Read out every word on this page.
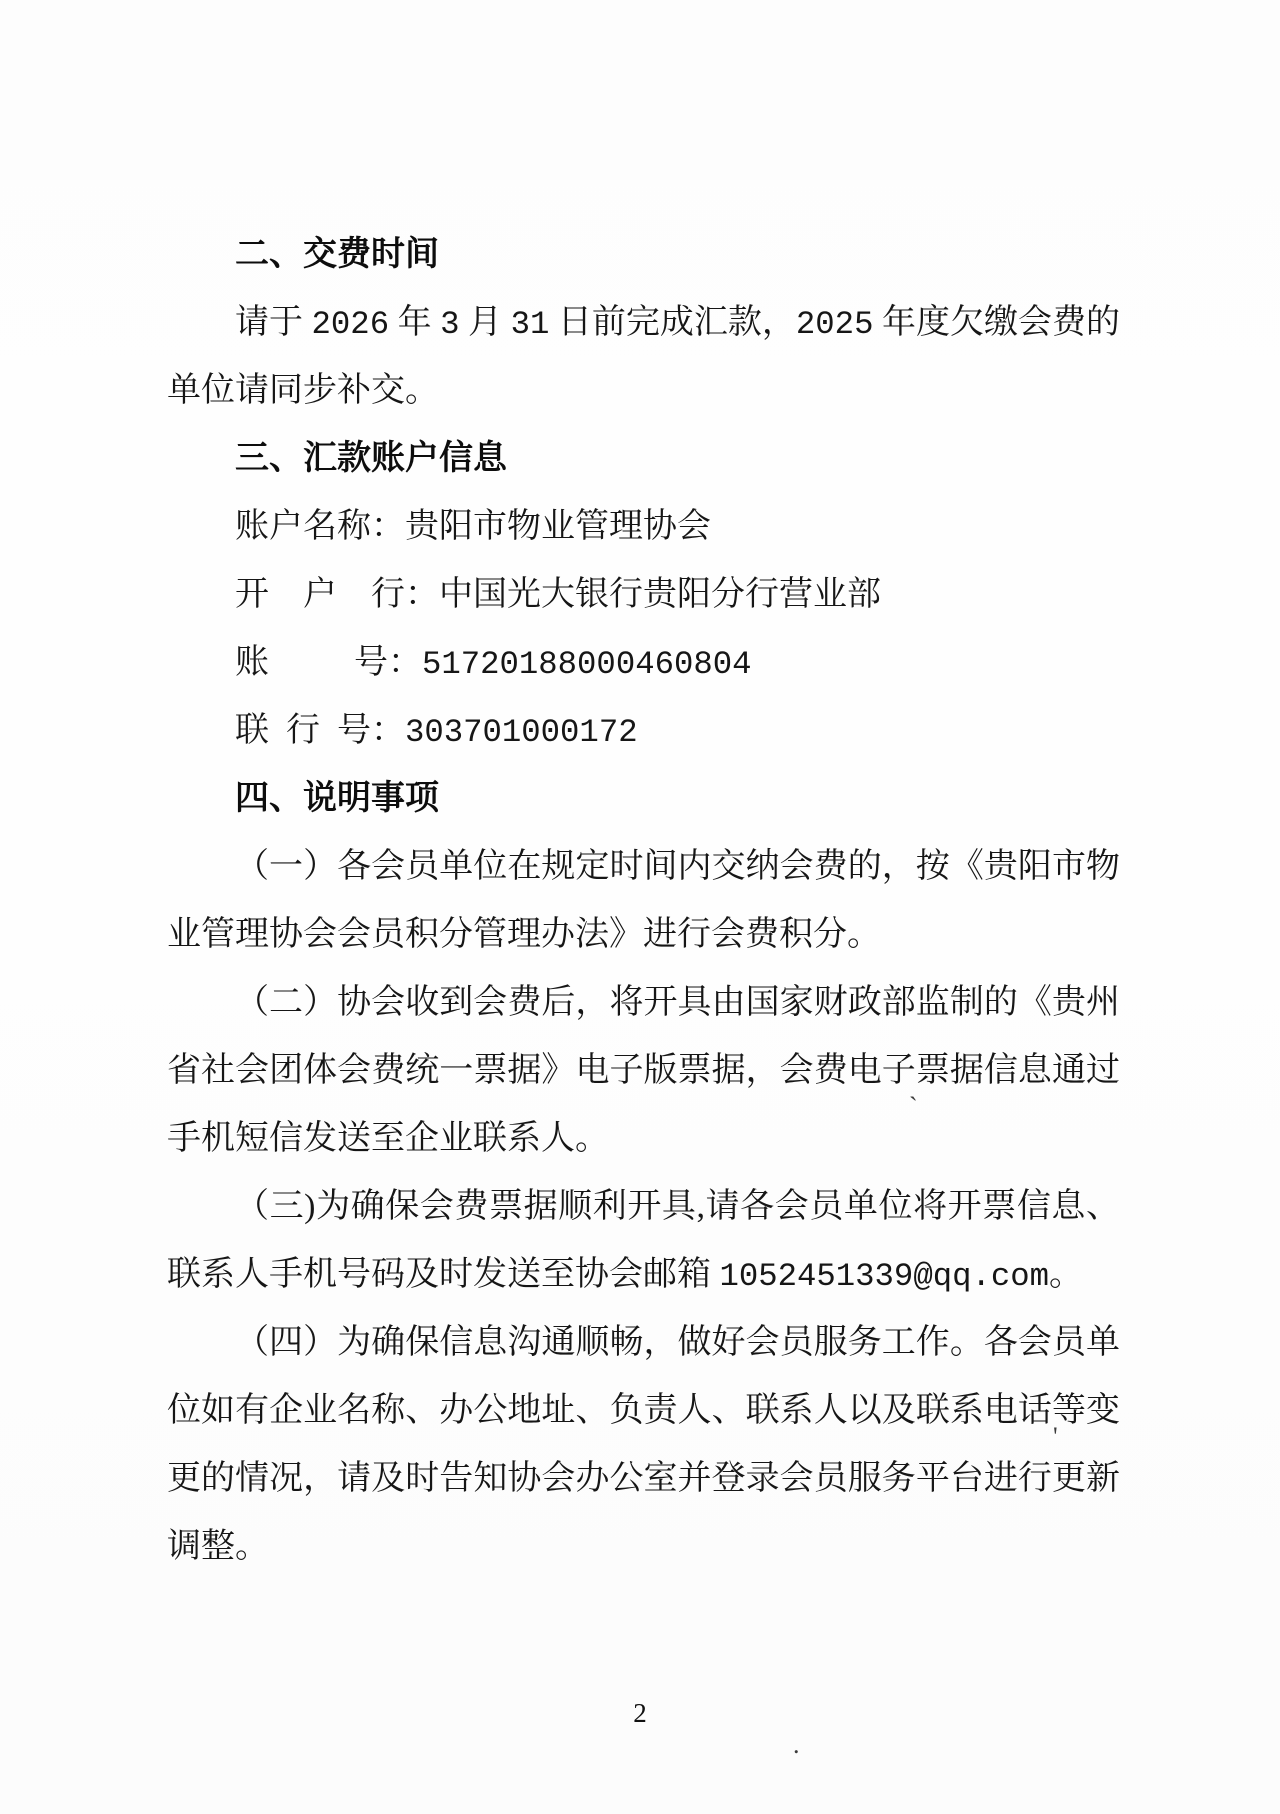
二、交费时间
请于 2026 年 3 月 31 日前完成汇款，2025 年度欠缴会费的
单位请同步补交。
三、汇款账户信息
账户名称：贵阳市物业管理协会
开　户　行：中国光大银行贵阳分行营业部
账　　 号：51720188000460804
联 行 号：303701000172
四、说明事项
（一）各会员单位在规定时间内交纳会费的，按《贵阳市物
业管理协会会员积分管理办法》进行会费积分。
（二）协会收到会费后，将开具由国家财政部监制的《贵州
省社会团体会费统一票据》电子版票据，会费电子票据信息通过
手机短信发送至企业联系人。
（三)为确保会费票据顺利开具,请各会员单位将开票信息、
联系人手机号码及时发送至协会邮箱 1052451339@qq.com。
（四）为确保信息沟通顺畅，做好会员服务工作。各会员单
位如有企业名称、办公地址、负责人、联系人以及联系电话等变
更的情况，请及时告知协会办公室并登录会员服务平台进行更新
调整。
2
`
'
.
